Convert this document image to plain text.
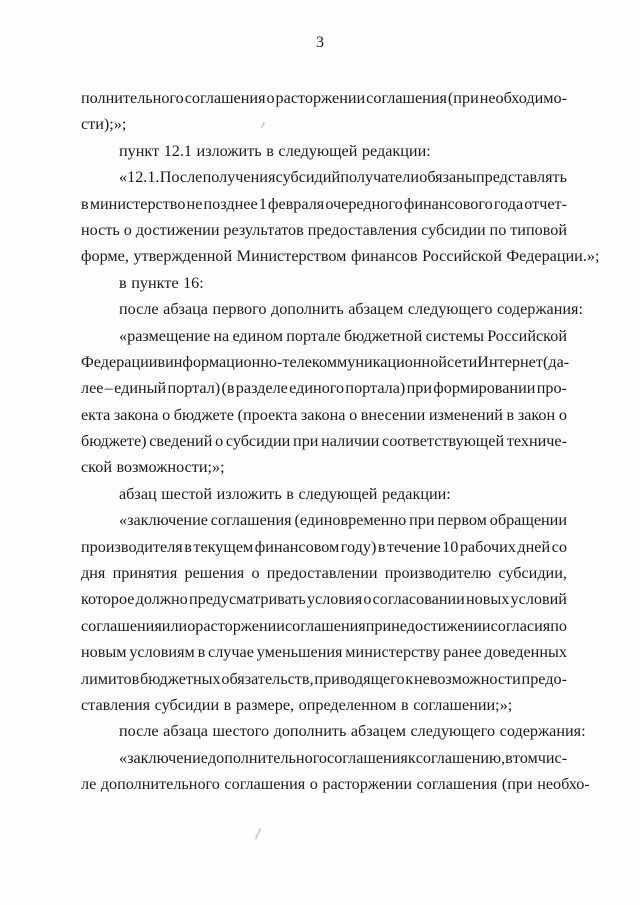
3
полнительного соглашения о расторжении соглашения (при необходимо-
сти);»;
пункт 12.1 изложить в следующей редакции:
«12.1. После получения субсидий получатели обязаны представлять
в министерство не позднее 1 февраля очередного финансового года отчет-
ность о достижении результатов предоставления субсидии по типовой
форме, утвержденной Министерством финансов Российской Федерации.»;
в пункте 16:
после абзаца первого дополнить абзацем следующего содержания:
«размещение на едином портале бюджетной системы Российской
Федерации в информационно-телекоммуникационной сети Интернет (да-
лее – единый портал) (в разделе единого портала) при формировании про-
екта закона о бюджете (проекта закона о внесении изменений в закон о
бюджете) сведений о субсидии при наличии соответствующей техниче-
ской возможности;»;
абзац шестой изложить в следующей редакции:
«заключение соглашения (единовременно при первом обращении
производителя в текущем финансовом году) в течение 10 рабочих дней со
дня принятия решения о предоставлении производителю субсидии,
которое должно предусматривать условия о согласовании новых условий
соглашения или о расторжении соглашения при недостижении согласия по
новым условиям в случае уменьшения министерству ранее доведенных
лимитов бюджетных обязательств, приводящего к невозможности предо-
ставления субсидии в размере, определенном в соглашении;»;
после абзаца шестого дополнить абзацем следующего содержания:
«заключение дополнительного соглашения к соглашению, в том чис-
ле дополнительного соглашения о расторжении соглашения (при необхо-
